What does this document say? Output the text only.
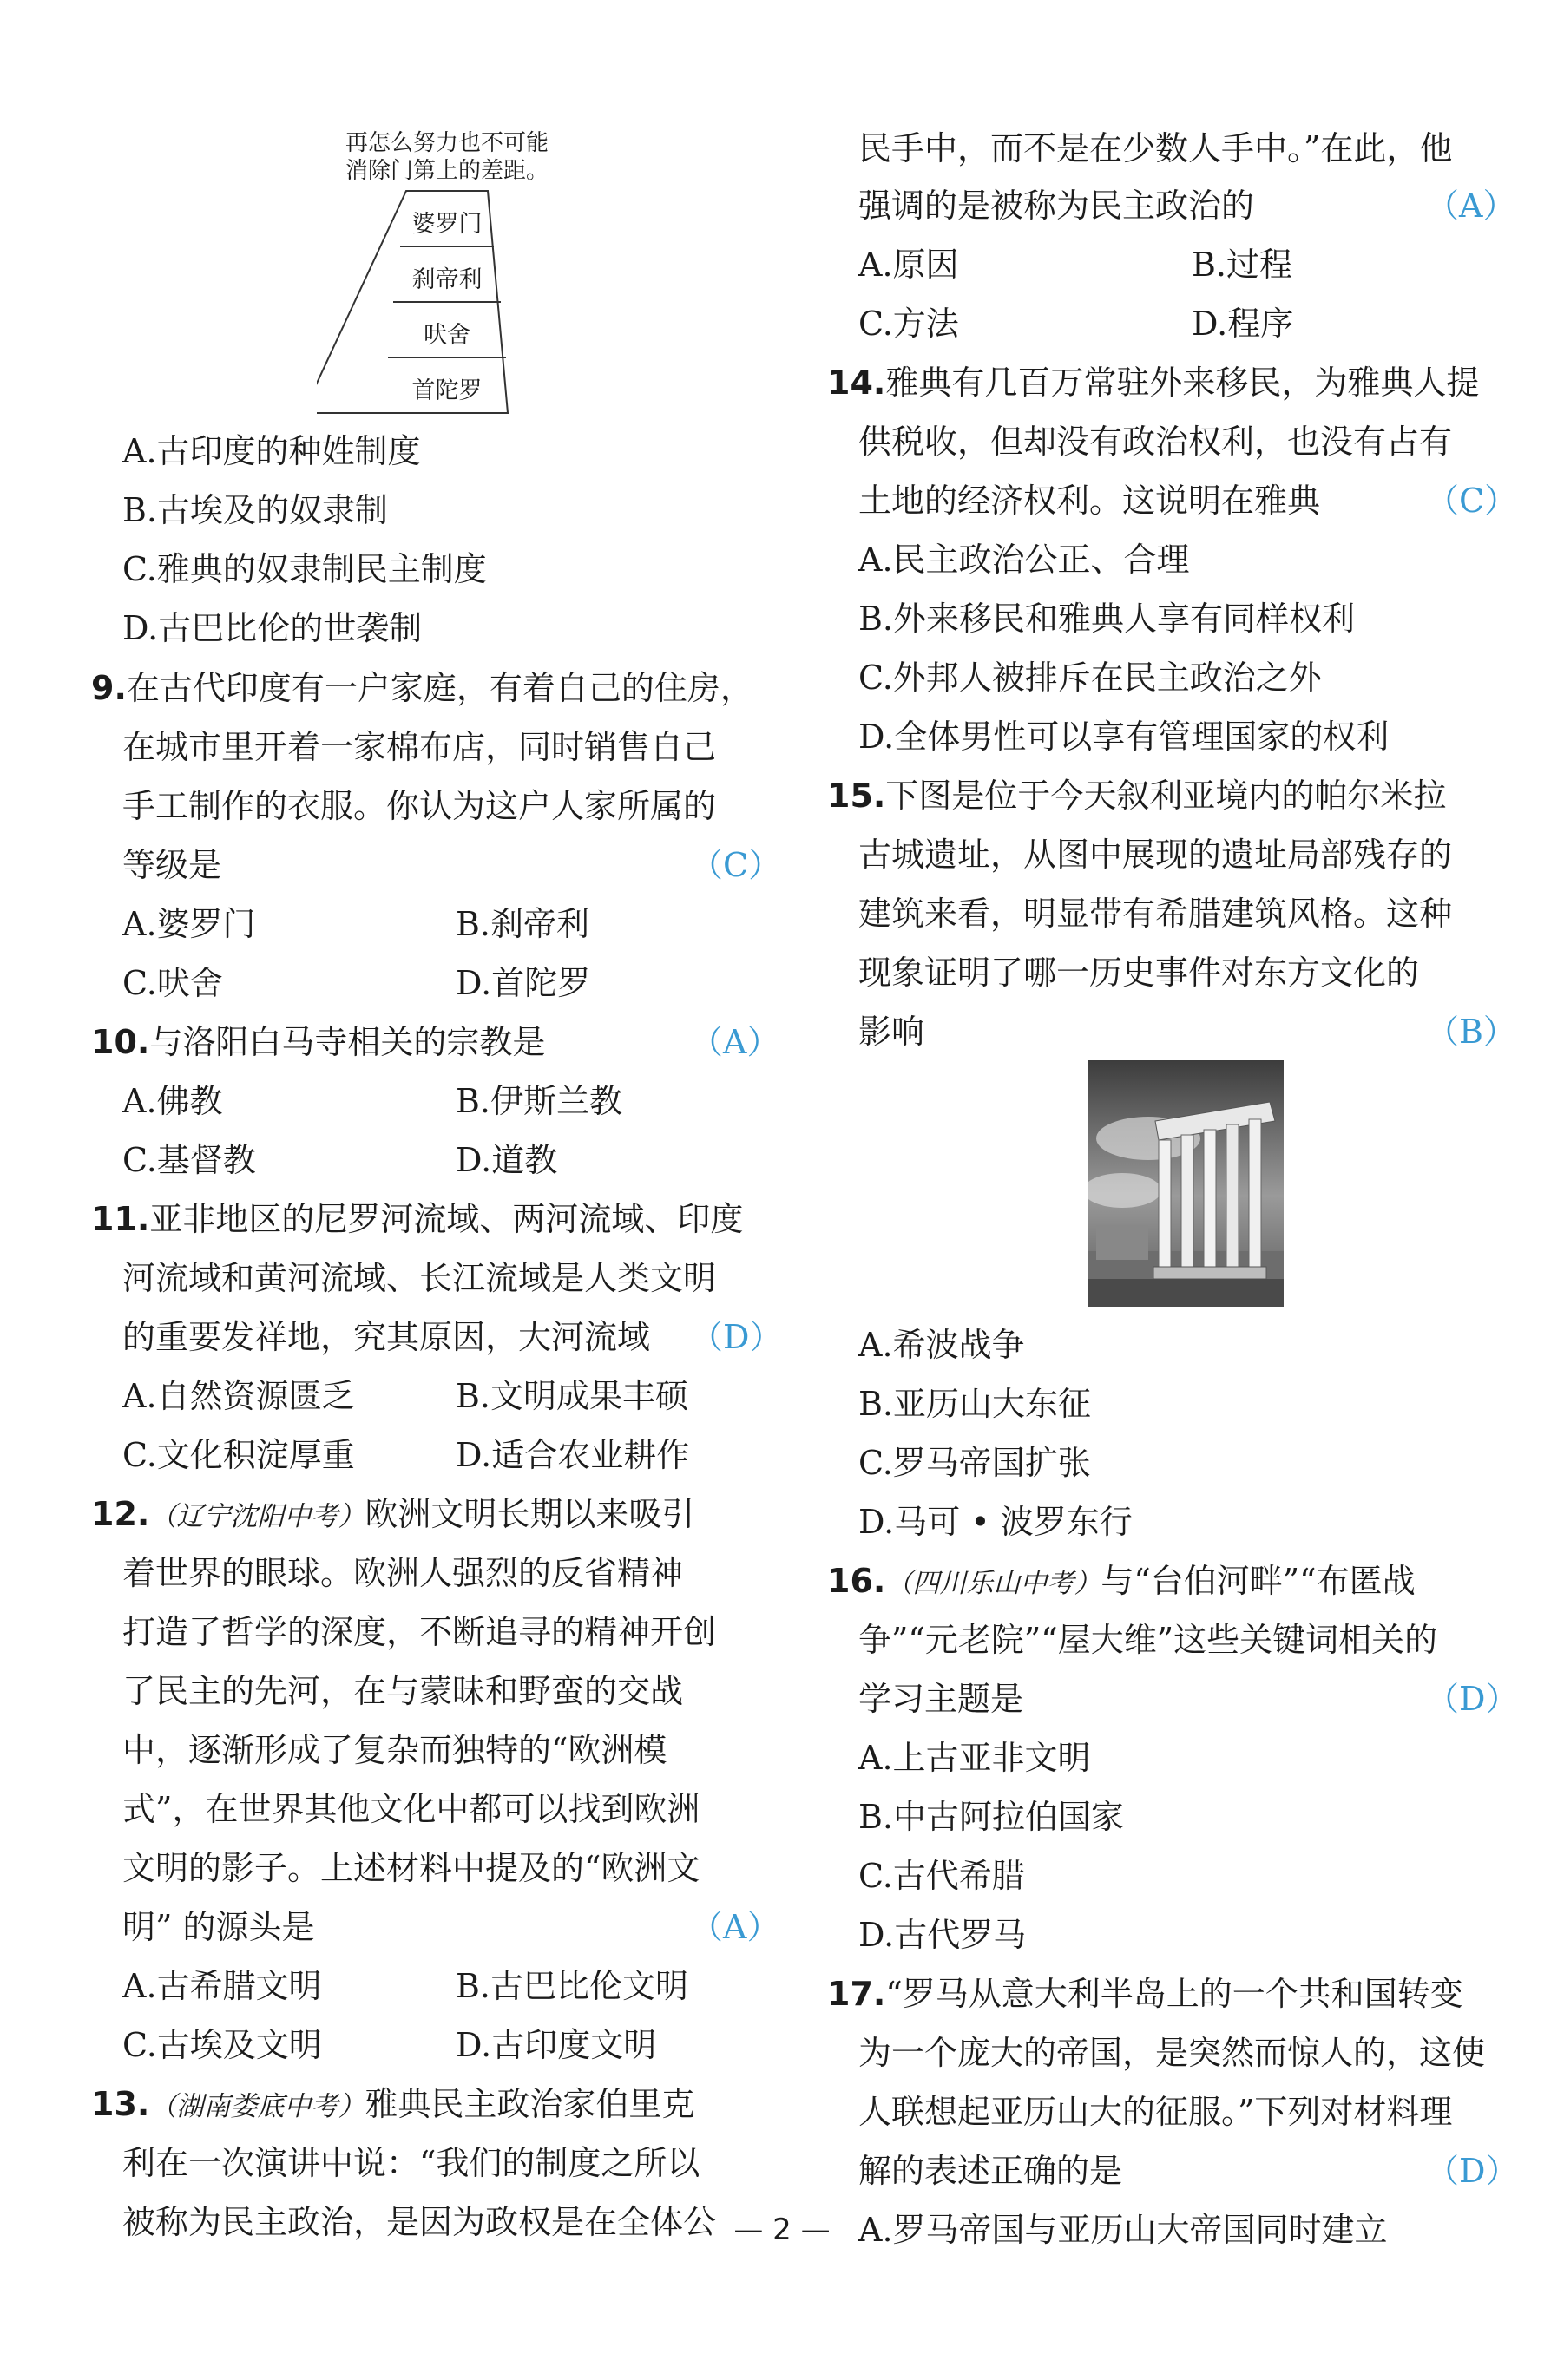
再怎么努力也不可能
消除门第上的差距。
婆罗门
刹帝利
吠舍
首陀罗
A.古印度的种姓制度
B.古埃及的奴隶制
C.雅典的奴隶制民主制度
D.古巴比伦的世袭制
9.在古代印度有一户家庭，有着自己的住房，
在城市里开着一家棉布店，同时销售自己
手工制作的衣服。你认为这户人家所属的
等级是	（C）
A.婆罗门	B.刹帝利
C.吠舍	D.首陀罗
10.与洛阳白马寺相关的宗教是	（A）
A.佛教	B.伊斯兰教
C.基督教	D.道教
11.亚非地区的尼罗河流域、两河流域、印度
河流域和黄河流域、长江流域是人类文明
的重要发祥地，究其原因，大河流域 （D）
A.自然资源匮乏	B.文明成果丰硕
C.文化积淀厚重	D.适合农业耕作
12.（辽宁沈阳中考）欧洲文明长期以来吸引
着世界的眼球。欧洲人强烈的反省精神
打造了哲学的深度，不断追寻的精神开创
了民主的先河，在与蒙昧和野蛮的交战
中，逐渐形成了复杂而独特的“欧洲模
式”，在世界其他文化中都可以找到欧洲
文明的影子。上述材料中提及的“欧洲文
明” 的源头是	（A）
A.古希腊文明	B.古巴比伦文明
C.古埃及文明	D.古印度文明
13.（湖南娄底中考）雅典民主政治家伯里克
利在一次演讲中说：“我们的制度之所以
被称为民主政治，是因为政权是在全体公
民手中，而不是在少数人手中。”在此，他
强调的是被称为民主政治的	（A）
A.原因	B.过程
C.方法	D.程序
14.雅典有几百万常驻外来移民，为雅典人提
供税收，但却没有政治权利，也没有占有
土地的经济权利。这说明在雅典	（C）
A.民主政治公正、合理
B.外来移民和雅典人享有同样权利
C.外邦人被排斥在民主政治之外
D.全体男性可以享有管理国家的权利
15.下图是位于今天叙利亚境内的帕尔米拉
古城遗址，从图中展现的遗址局部残存的
建筑来看，明显带有希腊建筑风格。这种
现象证明了哪一历史事件对东方文化的
影响	（B）
A.希波战争
B.亚历山大东征
C.罗马帝国扩张
D.马可 • 波罗东行
16.（四川乐山中考）与“台伯河畔”“布匿战
争”“元老院”“屋大维”这些关键词相关的
学习主题是	（D）
A.上古亚非文明
B.中古阿拉伯国家
C.古代希腊
D.古代罗马
17.“罗马从意大利半岛上的一个共和国转变
为一个庞大的帝国，是突然而惊人的，这使
人联想起亚历山大的征服。”下列对材料理
解的表述正确的是	（D）
A.罗马帝国与亚历山大帝国同时建立
— 2 —
